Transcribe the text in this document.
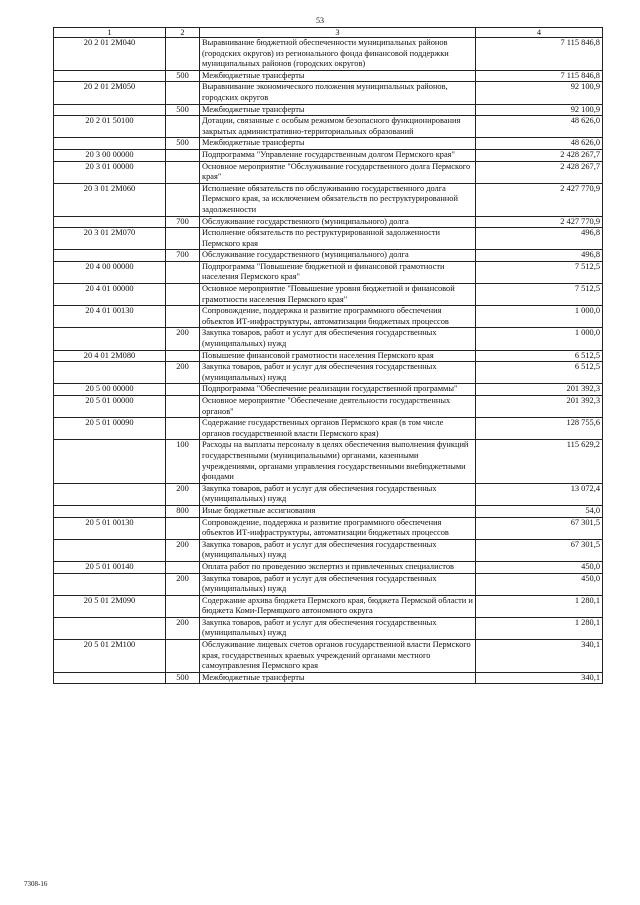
53
1	2	3	4
20 2 01 2M040		Выравнивание бюджетной обеспеченности муниципальных районов (городских округов) из регионального фонда финансовой поддержки муниципальных районов (городских округов)	7 115 846,8
	500	Межбюджетные трансферты	7 115 846,8
20 2 01 2M050		Выравнивание экономического положения муниципальных районов, городских округов	92 100,9
	500	Межбюджетные трансферты	92 100,9
20 2 01 50100		Дотации, связанные с особым режимом безопасного функционирования закрытых административно-территориальных образований	48 626,0
	500	Межбюджетные трансферты	48 626,0
20 3 00 00000		Подпрограмма "Управление государственным долгом Пермского края"	2 428 267,7
20 3 01 00000		Основное мероприятие "Обслуживание государственного долга Пермского края"	2 428 267,7
20 3 01 2M060		Исполнение обязательств по обслуживанию государственного долга Пермского края, за исключением обязательств по реструктурированной задолженности	2 427 770,9
	700	Обслуживание государственного (муниципального) долга	2 427 770,9
20 3 01 2M070		Исполнение обязательств по реструктурированной задолженности Пермского края	496,8
	700	Обслуживание государственного (муниципального) долга	496,8
20 4 00 00000		Подпрограмма "Повышение бюджетной и финансовой грамотности населения Пермского края"	7 512,5
20 4 01 00000		Основное мероприятие "Повышение уровня бюджетной и финансовой грамотности населения Пермского края"	7 512,5
20 4 01 00130		Сопровождение, поддержка и развитие программного обеспечения объектов ИТ-инфраструктуры, автоматизации бюджетных процессов	1 000,0
	200	Закупка товаров, работ и услуг для обеспечения государственных (муниципальных) нужд	1 000,0
20 4 01 2M080		Повышение финансовой грамотности населения Пермского края	6 512,5
	200	Закупка товаров, работ и услуг для обеспечения государственных (муниципальных) нужд	6 512,5
20 5 00 00000		Подпрограмма "Обеспечение реализации государственной программы"	201 392,3
20 5 01 00000		Основное мероприятие "Обеспечение деятельности государственных органов"	201 392,3
20 5 01 00090		Содержание государственных органов Пермского края (в том числе органов государственной власти Пермского края)	128 755,6
	100	Расходы на выплаты персоналу в целях обеспечения выполнения функций государственными (муниципальными) органами, казенными учреждениями, органами управления государственными внебюджетными фондами	115 629,2
	200	Закупка товаров, работ и услуг для обеспечения государственных (муниципальных) нужд	13 072,4
	800	Иные бюджетные ассигнования	54,0
20 5 01 00130		Сопровождение, поддержка и развитие программного обеспечения объектов ИТ-инфраструктуры, автоматизации бюджетных процессов	67 301,5
	200	Закупка товаров, работ и услуг для обеспечения государственных (муниципальных) нужд	67 301,5
20 5 01 00140		Оплата работ по проведению экспертиз и привлеченных специалистов	450,0
	200	Закупка товаров, работ и услуг для обеспечения государственных (муниципальных) нужд	450,0
20 5 01 2M090		Содержание архива бюджета Пермского края, бюджета Пермской области и бюджета Коми-Пермяцкого автономного округа	1 280,1
	200	Закупка товаров, работ и услуг для обеспечения государственных (муниципальных) нужд	1 280,1
20 5 01 2M100		Обслуживание лицевых счетов органов государственной власти Пермского края, государственных краевых учреждений органами местного самоуправления Пермского края	340,1
	500	Межбюджетные трансферты	340,1
7308-16
